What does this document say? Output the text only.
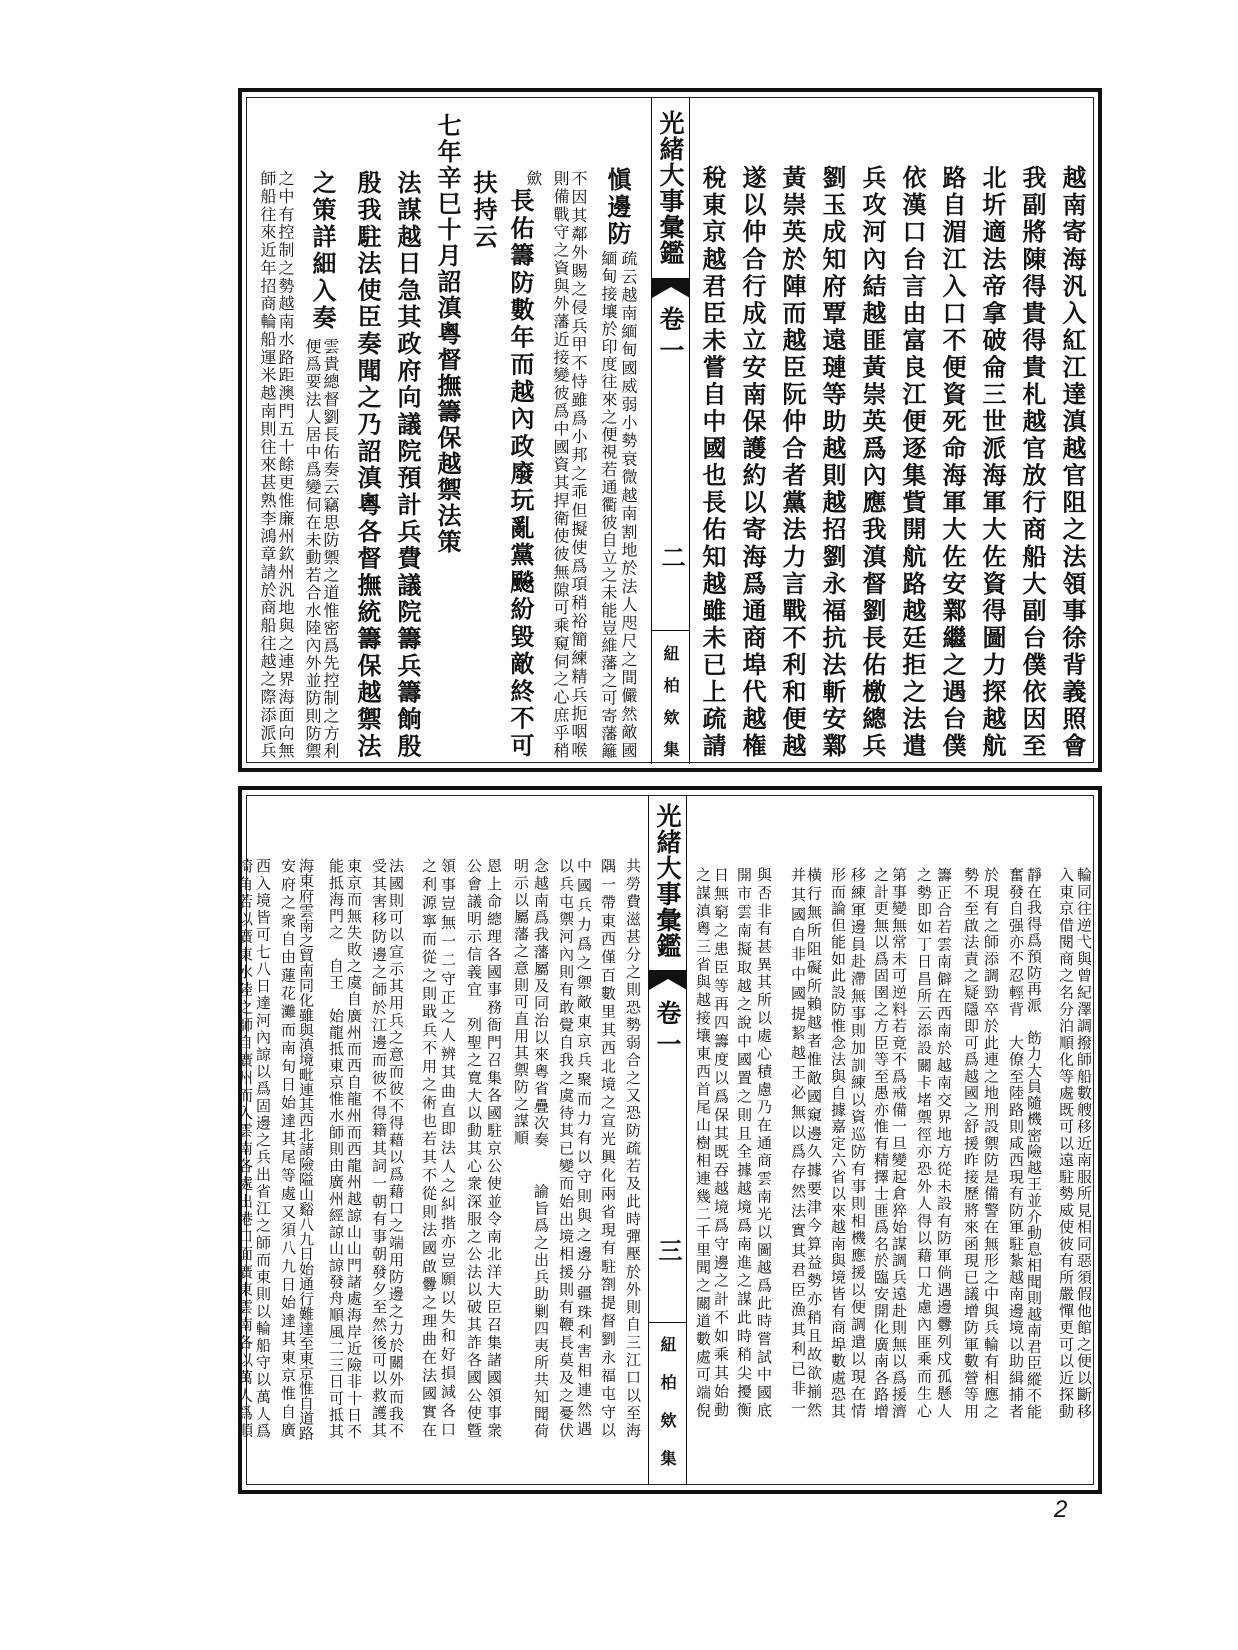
光緒大事彙鑑
卷一
二
紐柏欸集	越南寄海汎入紅江達滇越官阻之法領事徐背義照會
我副將陳得貴得貴札越官放行商船大副台僕依因至
北圻適法帝拿破侖三世派海軍大佐資得圖力探越航
路自湄江入口不便資死命海軍大佐安鄴繼之遇台僕
依漢口台言由富良江便逐集貲開航路越廷拒之法遣
兵攻河內結越匪黃崇英爲內應我滇督劉長佑檄總兵
劉玉成知府覃遠璉等助越則越招劉永福抗法斬安鄴
黃崇英於陣而越臣阮仲合者黨法力言戰不利和便越
遂以仲合行成立安南保護約以寄海爲通商埠代越権
稅東京越君臣未嘗自中國也長佑知越雖未已上疏請
愼邊防
疏云越南緬甸國威弱小勢衰微越南割地於法人咫尺之間儼然敵國
緬甸接壤於印度往來之便視若通衢彼自立之未能豈維藩之可寄藩籬
不因其鄰外賜之侵兵甲不恃雖爲小邦之乖但擬使爲項稍裕簡練精兵扼咽喉
則備戰守之資與外藩近接變彼爲中國資其捍衛使彼無隙可乘窺伺之心庶乎稍
歛
長佑籌防數年而越內政廢玩亂黨飈紛毀敵終不可
扶持云
七年辛巳十月詔滇粵督撫籌保越禦法策
法謀越日急其政府向議院預計兵費議院籌兵籌餉殷
殷我駐法使臣奏聞之乃詔滇粵各督撫統籌保越禦法
之策詳細入奏
雲貴總督劉長佑奏云竊思防禦之道惟密爲先控制之方利
便爲要法人居中爲變伺在未動若合水陸內外並防則防禦
之中有控制之勢越南水路距澳門五十餘更惟廉州欽州汎地與之連界海面向無
師船往來近年招商輪船運米越南則往來甚熟李鴻章請於商船往越之際添派兵
光緒大事彙鑑
卷一
三
紐柏欸集	輪同往逆弋與曾紀澤調撥師船數艘移近南服所見相同惡須假他館之便以斷移
入東京借閱商之名分泊順化等處既可以遠駐勢威使彼有所嚴憚更可以近探動
靜在我得爲預防再派　飭力大員隨機密險越王並介動息相聞則越南君臣縱不能
奮發自强亦不忍輕背　大僚至陸路則咸西現有防軍駐紮越南邊境以助緝捕者
於現有之師添調勁卒於此連之地刑設禦防是備警在無形之中與兵輪有相應之
勢不至啟法責之疑隱即可爲越國之舒援昨接歷將來函現已議增防軍數營等用
籌正合若雲南僻在西南於越南交界地方從未設有防軍倘遇邊釁列戍孤懸人
之勢即如丁日昌所云添設關卡堵禦徑亦恐外人得以藉口尤慮內匪乘而生心
第事變無常未可逆料若竟不爲戒備一旦變起倉猝始謀調兵遠赴則無以爲援濟
之計更無以爲固圉之方臣等至愚亦惟有精擇士匪爲名於臨安開化廣南各路增
移練軍邊員赴滯無事則加訓練以資巡防有事則相機應援以便調遣以現在情
形而論但能如此設防惟念法與自據嘉定六省以來越南與境皆有商埠數處恐其
橫行無所阻礙所賴越者惟敵國窺邊久據要津今算益勢亦稍且故欲揃然
并其國自非中國提絜越王必無以爲存然法實其君臣漁其利已非一
與否非有甚異其所以處心積慮乃在通商雲南光以圖越爲此時嘗試中國底
開市雲南擬取越之說中國置之則且全據越境爲南進之謀此時稍尖擾衡
日無窮之患臣等再四籌度以爲保其既吞越境爲守邊之計不如乘其始動
之謀滇粵三省與越接壤東西首尾山樹相連幾二千里聞之關道數處可端倪
共勞費滋甚分之則恐勢弱合之又恐防疏若及此時彈壓於外則自三江口以至海
隅一帶東西僅百數里其西北境之宣光興化兩省現有駐劄提督劉永福屯守以
中國兵力爲之禦敵東京兵聚而力有以守則與之邊分疆珠利害相連然遇
以兵屯禦河內則有敢覺自我之虞待其已變而始出境相援則有鞭長莫及之憂伏
念越南爲我藩屬及同治以來粵省疊次奏　　諭旨爲之出兵助剿四夷所共知聞荷
明示以屬藩之意則可直用其禦防之謀順
恩上命總理各國事務衙門召集各國駐京公使並令南北洋大臣召集諸國領事衆
公會議明示信義宜　列聖之寬大以動其心衆深服之公法以破其詐各國公使曁
領事豈無一二守正之人辨其曲直即法人之糾揩亦豈願以失和好損減各口
之利源寧而從之則戢兵不用之術也若其不從則法國啟釁之理曲在法國實在
法國則可以宣示其用兵之意而彼不得藉以爲藉口之端用防邊之力於關外而我不
受其害移防邊之師於江邊而彼不得籍其詞一朝有事朝發夕至然後可以救護其
東京而無失敗之虞自廣州而西自龍州而西龍州越諒山山門諸處海岸近險非十日不
能抵海門之　自王　始龍抵東京惟水師則由廣州經諒山諒發舟順風二三日可抵其
海東府雲南之貿南同化雖與滇境毗連其西北諸險隘山谿八九日始通行難達至東京惟自道路
安府之衆自由蓮花灘而南旬日始達其尾等處又須八九日始達其東京惟自廣
西入境皆可七八日達河內諒以爲固邊之兵出省江之師而東則以輪船守以萬人爲
犄角若以廣東水陸之師自廣州而入雲南各處出港口面廣東雲南各以萬人爲順
2
